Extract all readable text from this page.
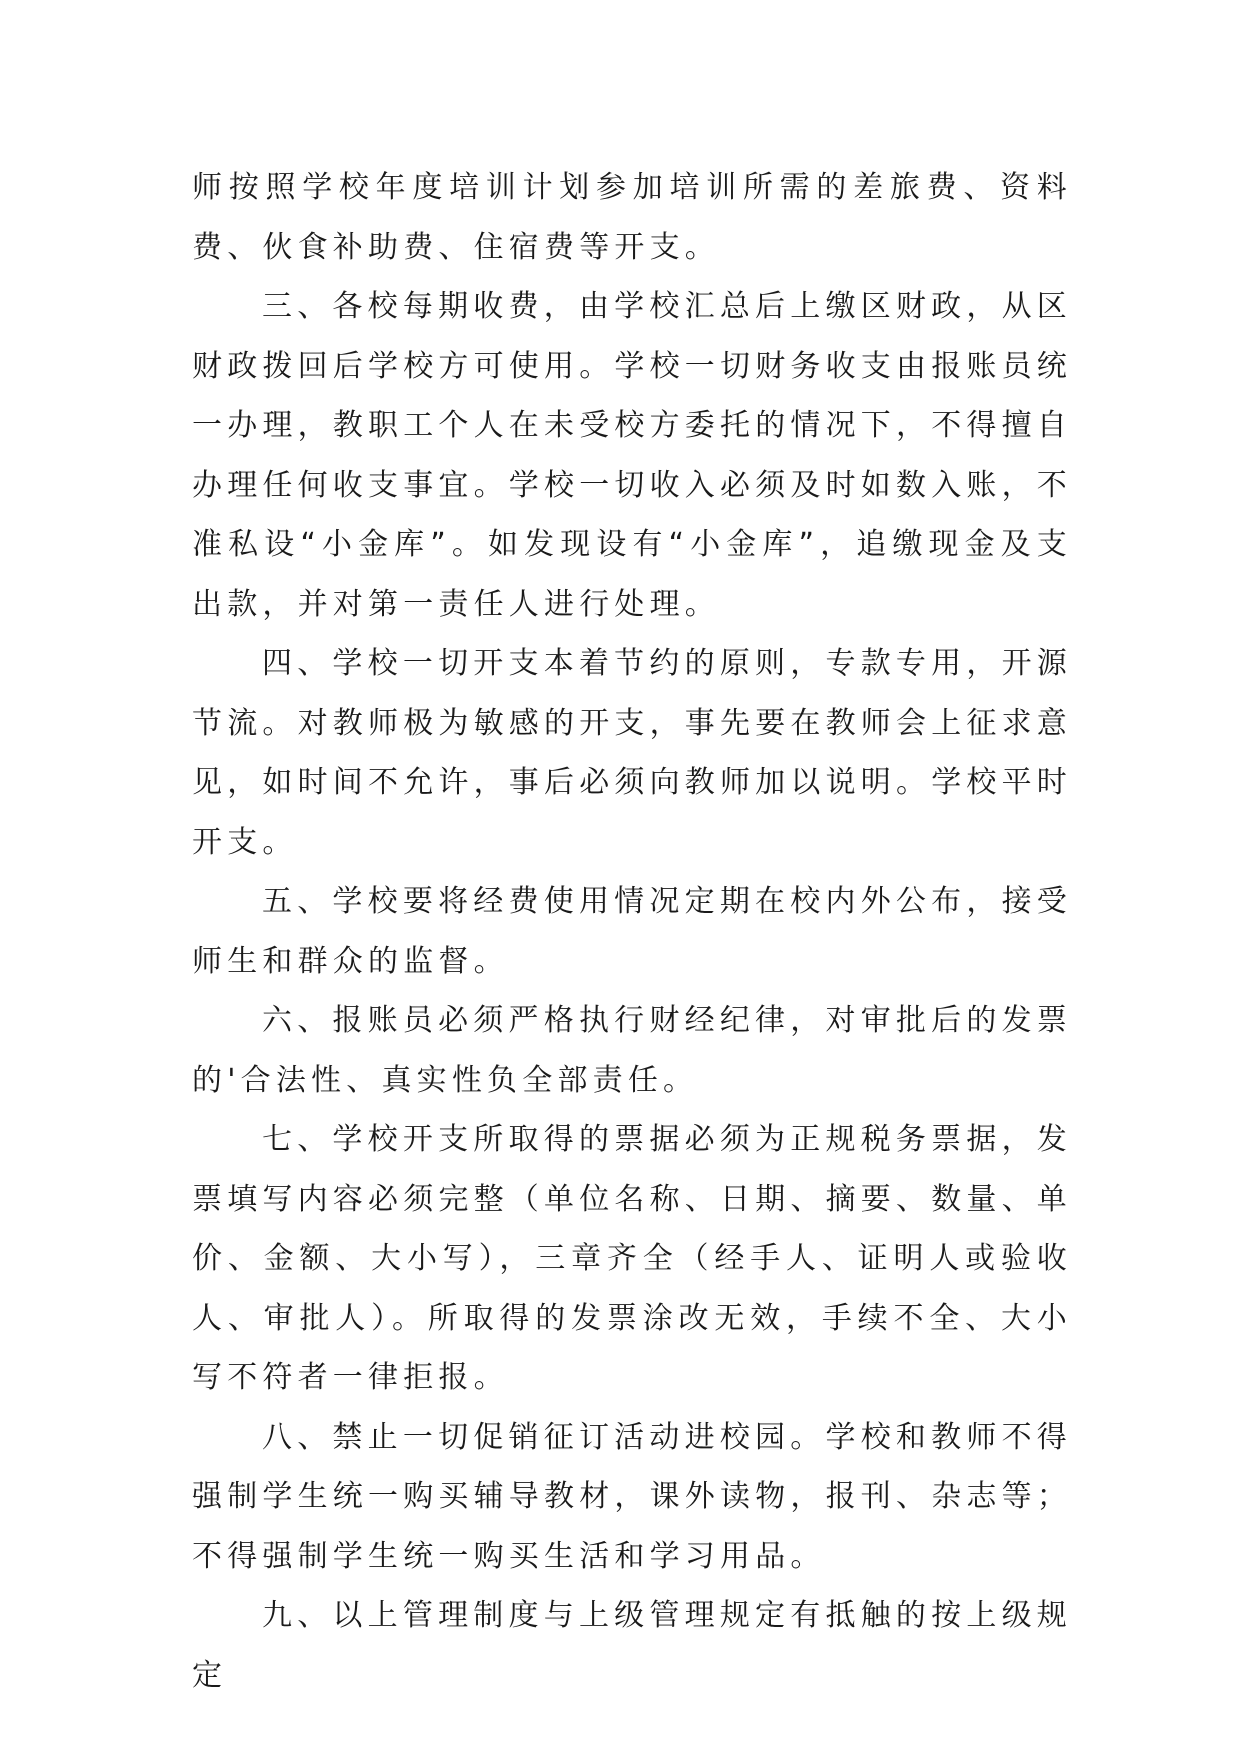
师按照学校年度培训计划参加培训所需的差旅费、资料费、伙食补助费、住宿费等开支。

三、各校每期收费，由学校汇总后上缴区财政，从区财政拨回后学校方可使用。学校一切财务收支由报账员统一办理，教职工个人在未受校方委托的情况下，不得擅自办理任何收支事宜。学校一切收入必须及时如数入账，不准私设“小金库”。如发现设有“小金库”，追缴现金及支出款，并对第一责任人进行处理。

四、学校一切开支本着节约的原则，专款专用，开源节流。对教师极为敏感的开支，事先要在教师会上征求意见，如时间不允许，事后必须向教师加以说明。学校平时开支。

五、学校要将经费使用情况定期在校内外公布，接受师生和群众的监督。

六、报账员必须严格执行财经纪律，对审批后的发票的'合法性、真实性负全部责任。

七、学校开支所取得的票据必须为正规税务票据，发票填写内容必须完整（单位名称、日期、摘要、数量、单价、金额、大小写），三章齐全（经手人、证明人或验收人、审批人）。所取得的发票涂改无效，手续不全、大小写不符者一律拒报。

八、禁止一切促销征订活动进校园。学校和教师不得强制学生统一购买辅导教材，课外读物，报刊、杂志等；不得强制学生统一购买生活和学习用品。

九、以上管理制度与上级管理规定有抵触的按上级规定
